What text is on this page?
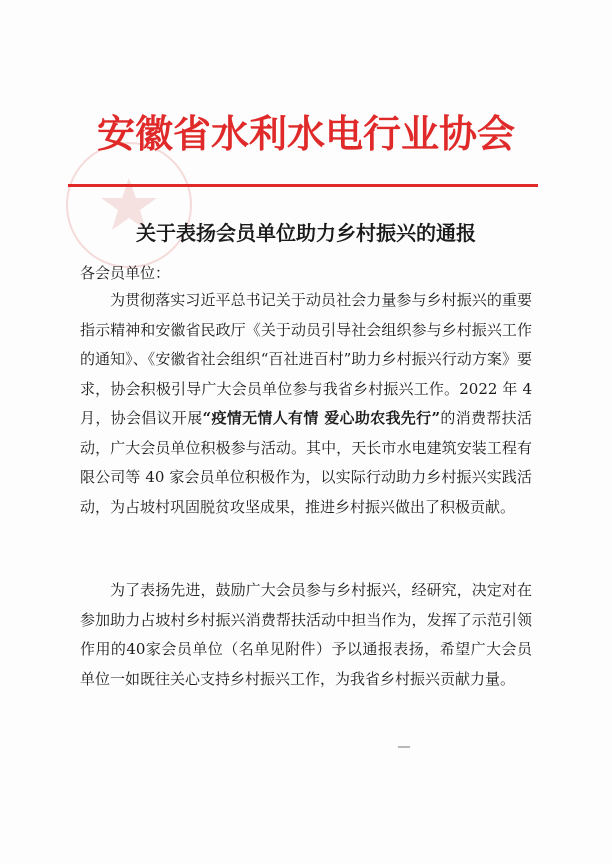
安徽省水利水电行业协会
关于表扬会员单位助力乡村振兴的通报
各会员单位：

为贯彻落实习近平总书记关于动员社会力量参与乡村振兴的重要指示精神和安徽省民政厅《关于动员引导社会组织参与乡村振兴工作的通知》、《安徽省社会组织“百社进百村”助力乡村振兴行动方案》要求，协会积极引导广大会员单位参与我省乡村振兴工作。2022 年 4 月，协会倡议开展“疫情无情人有情 爱心助农我先行”的消费帮扶活动，广大会员单位积极参与活动。其中，天长市水电建筑安装工程有限公司等 40 家会员单位积极作为，以实际行动助力乡村振兴实践活动，为占坡村巩固脱贫攻坚成果，推进乡村振兴做出了积极贡献。

为了表扬先进，鼓励广大会员参与乡村振兴，经研究，决定对在参加助力占坡村乡村振兴消费帮扶活动中担当作为，发挥了示范引领作用的40家会员单位（名单见附件）予以通报表扬，希望广大会员单位一如既往关心支持乡村振兴工作，为我省乡村振兴贡献力量。
